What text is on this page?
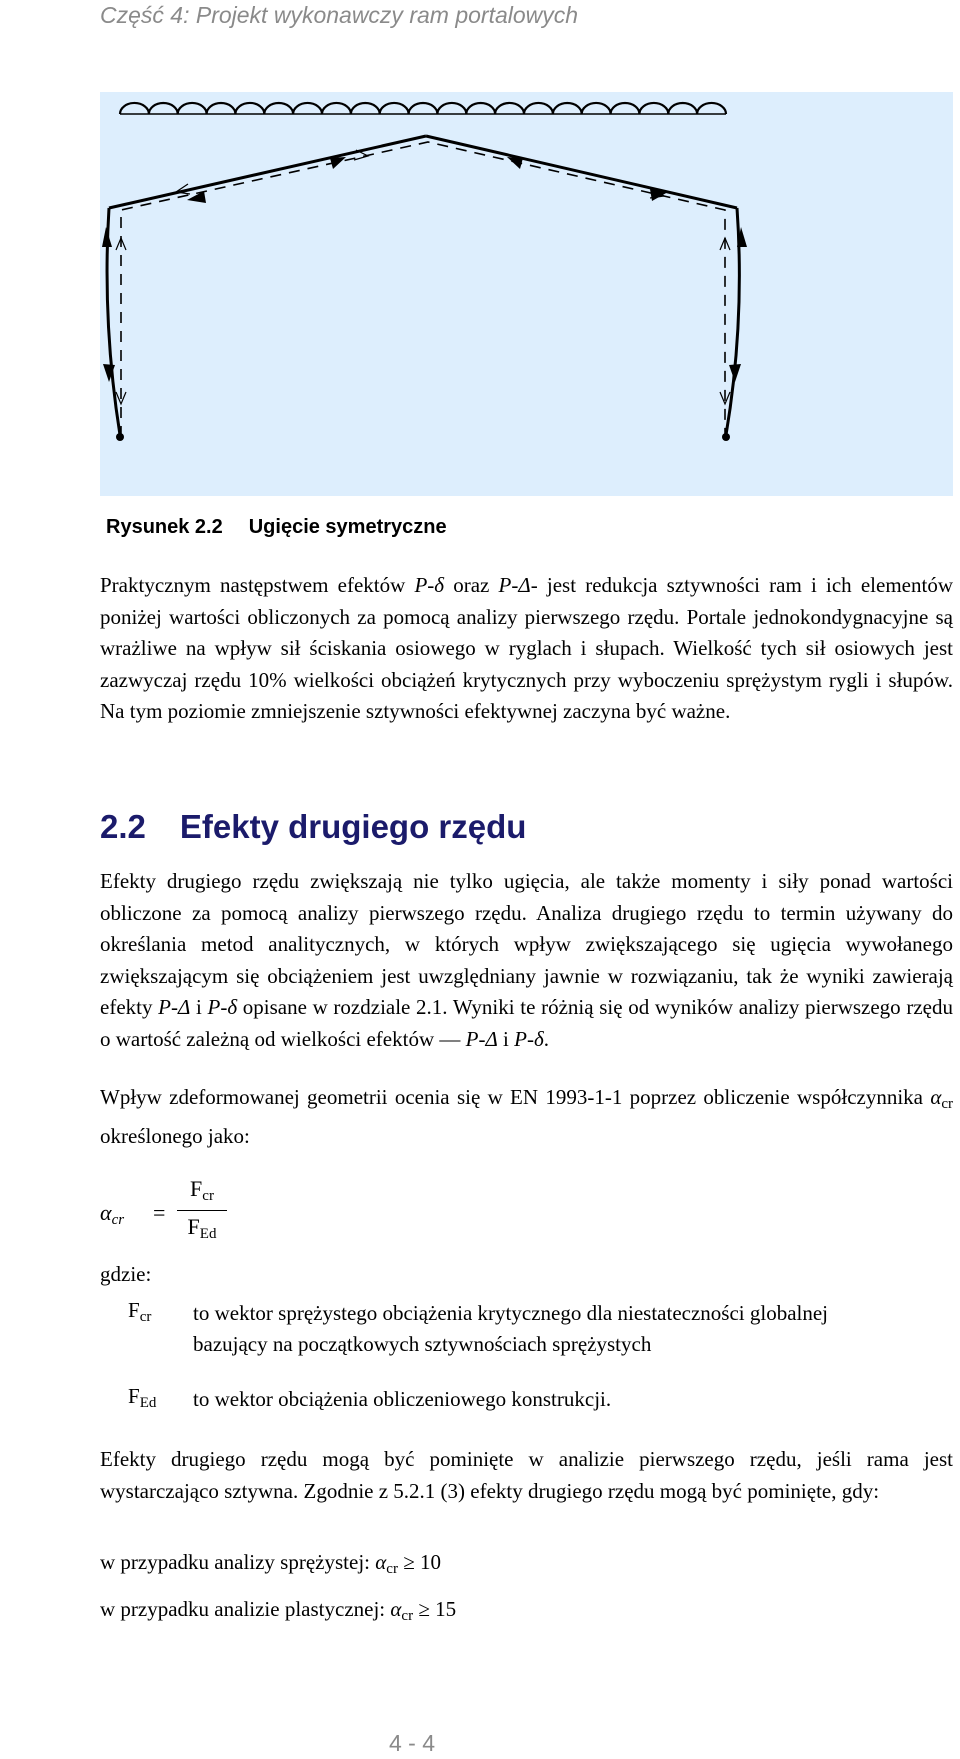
Część 4: Projekt wykonawczy ram portalowych
Rysunek 2.2 Ugięcie symetryczne
Praktycznym następstwem efektów P-δ oraz P-Δ- jest redukcja sztywności ram i ich elementów poniżej wartości obliczonych za pomocą analizy pierwszego rzędu. Portale jednokondygnacyjne są wrażliwe na wpływ sił ściskania osiowego w ryglach i słupach. Wielkość tych sił osiowych jest zazwyczaj rzędu 10% wielkości obciążeń krytycznych przy wyboczeniu sprężystym rygli i słupów. Na tym poziomie zmniejszenie sztywności efektywnej zaczyna być ważne.
2.2 Efekty drugiego rzędu
Efekty drugiego rzędu zwiększają nie tylko ugięcia, ale także momenty i siły ponad wartości obliczone za pomocą analizy pierwszego rzędu. Analiza drugiego rzędu to termin używany do określania metod analitycznych, w których wpływ zwiększającego się ugięcia wywołanego zwiększającym się obciążeniem jest uwzględniany jawnie w rozwiązaniu, tak że wyniki zawierają efekty P-Δ i P-δ opisane w rozdziale 2.1. Wyniki te różnią się od wyników analizy pierwszego rzędu o wartość zależną od wielkości efektów — P-Δ i P-δ.
Wpływ zdeformowanej geometrii ocenia się w EN 1993-1-1 poprzez obliczenie współczynnika $\alpha_{cr}$ określonego jako:
$\alpha_{cr}$ =
$F_{cr}$
$F_{Ed}$
gdzie:
$F_{cr}$ to wektor sprężystego obciążenia krytycznego dla niestateczności globalnej bazujący na początkowych sztywnościach sprężystych
$F_{Ed}$ to wektor obciążenia obliczeniowego konstrukcji.
Efekty drugiego rzędu mogą być pominięte w analizie pierwszego rzędu, jeśli rama jest wystarczająco sztywna. Zgodnie z 5.2.1 (3) efekty drugiego rzędu mogą być pominięte, gdy:
w przypadku analizy sprężystej: $\alpha_{cr} \ge 10$
w przypadku analizie plastycznej: $\alpha_{cr} \ge 15$
4 - 4
